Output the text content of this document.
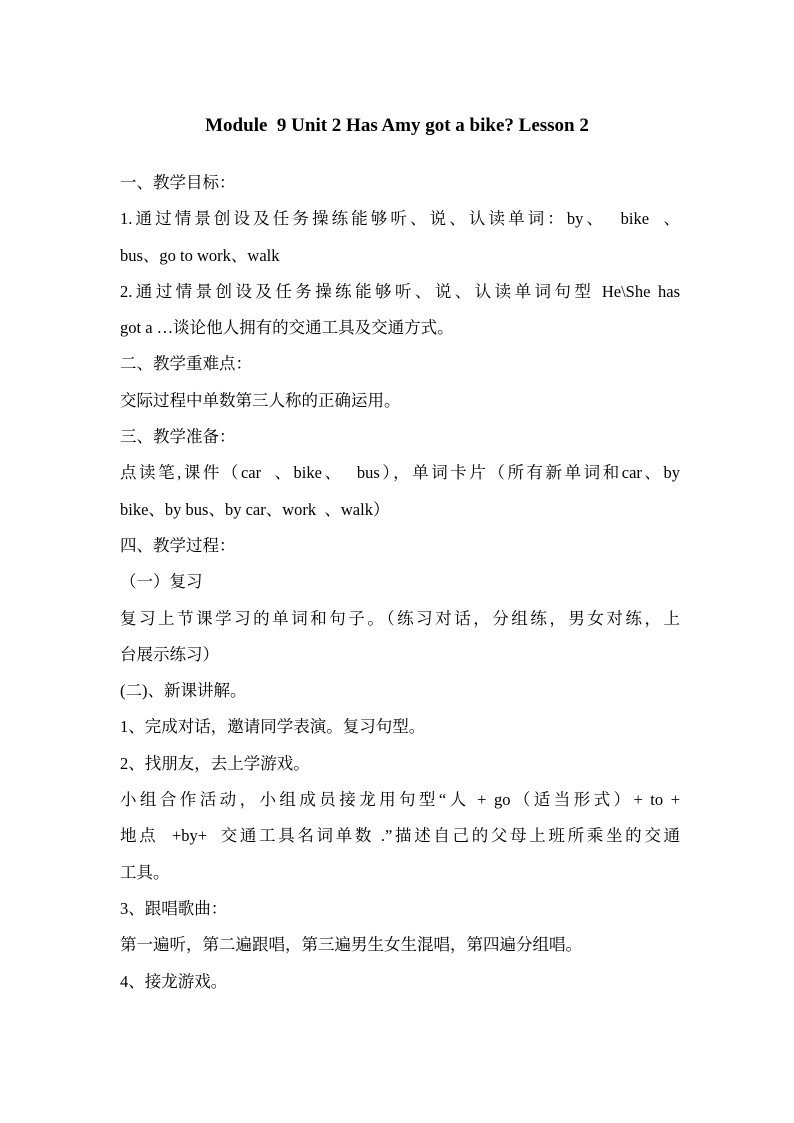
Module  9 Unit 2 Has Amy got a bike? Lesson 2
一、教学目标：
1.通过情景创设及任务操练能够听、说、认读单词：by、  bike  、
bus、go to work、walk
2.通过情景创设及任务操练能够听、说、认读单词句型 He\She has
got a …谈论他人拥有的交通工具及交通方式。
二、教学重难点：
交际过程中单数第三人称的正确运用。
三、教学准备：
点读笔,课件（car  、bike、  bus），单词卡片（所有新单词和car、by
bike、by bus、by car、work  、walk）
四、教学过程：
（一）复习
复习上节课学习的单词和句子。（练习对话，分组练，男女对练，上
台展示练习）
(二)、新课讲解。
1、完成对话，邀请同学表演。复习句型。
2、找朋友，去上学游戏。
小组合作活动，小组成员接龙用句型“人 + go（适当形式）+ to +
地点  +by+  交通工具名词单数 .”描述自己的父母上班所乘坐的交通
工具。
3、跟唱歌曲：
第一遍听，第二遍跟唱，第三遍男生女生混唱，第四遍分组唱。
4、接龙游戏。
